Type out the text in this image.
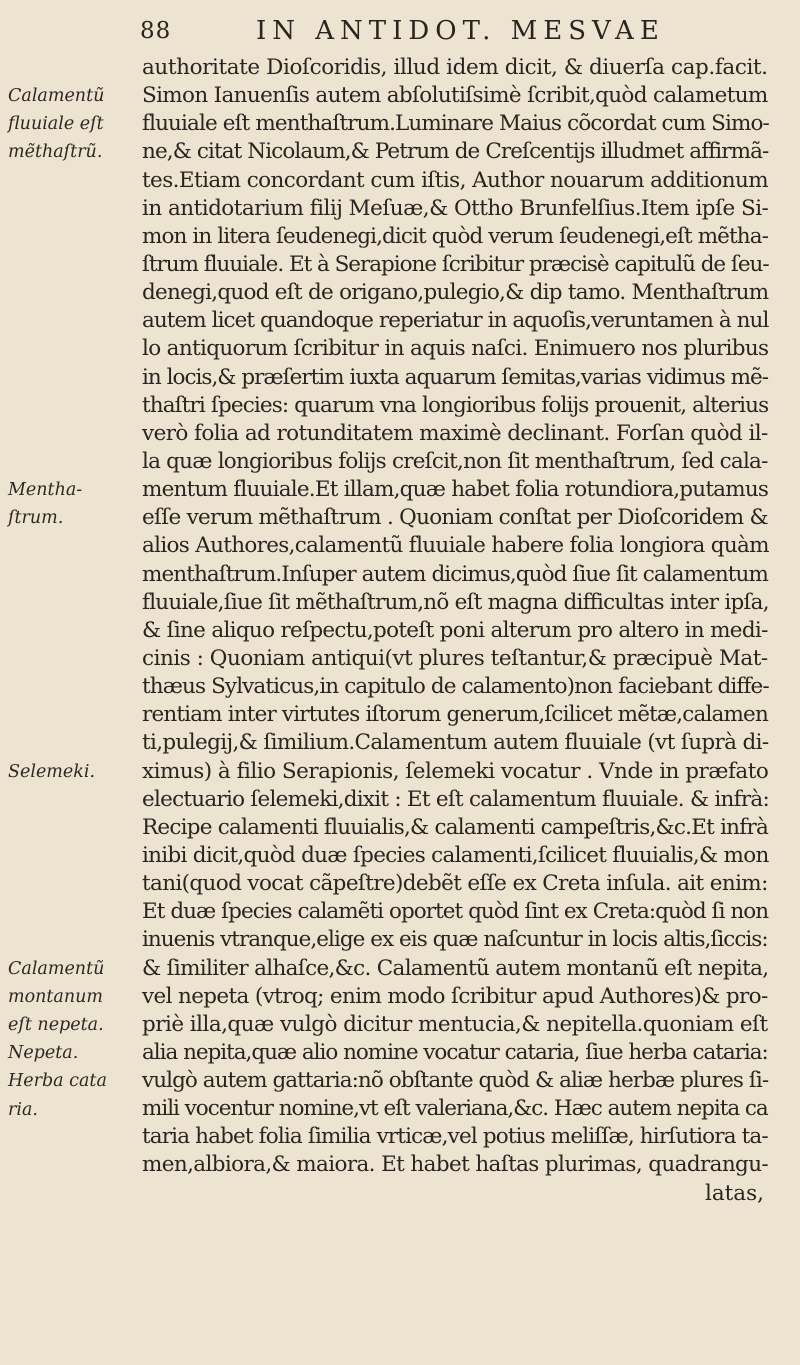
88	IN ANTIDOT. MESVAE
Calamentũ
fluuiale eſt
mẽthaſtrũ.
Mentha-
ſtrum.
Selemeki.
Calamentũ
montanum
eſt nepeta.
Nepeta.
Herba cata
ria.
authoritate Dioſcoridis, illud idem dicit, & diuerſa cap.facit.
Simon Ianuenſis autem abſolutiſsimè ſcribit,quòd calametum
fluuiale eſt menthaſtrum.Luminare Maius cõcordat cum Simo-
ne,& citat Nicolaum,& Petrum de Creſcentijs illudmet affirmã-
tes.Etiam concordant cum iſtis, Author nouarum additionum
in antidotarium filij Meſuæ,& Ottho Brunfelſius.Item ipſe Si-
mon in litera ſeudenegi,dicit quòd verum ſeudenegi,eſt mẽtha-
ſtrum fluuiale. Et à Serapione ſcribitur præcisè capitulũ de ſeu-
denegi,quod eſt de origano,pulegio,& dip tamo. Menthaſtrum
autem licet quandoque reperiatur in aquoſis,veruntamen à nul
lo antiquorum ſcribitur in aquis naſci. Enimuero nos pluribus
in locis,& præſertim iuxta aquarum ſemitas,varias vidimus mẽ-
thaſtri ſpecies: quarum vna longioribus folijs prouenit, alterius
verò folia ad rotunditatem maximè declinant. Forſan quòd il-
la quæ longioribus folijs creſcit,non ſit menthaſtrum, ſed cala-
mentum fluuiale.Et illam,quæ habet folia rotundiora,putamus
eſſe verum mẽthaſtrum . Quoniam conſtat per Dioſcoridem &
alios Authores,calamentũ fluuiale habere folia longiora quàm
menthaſtrum.Inſuper autem dicimus,quòd ſiue ſit calamentum
fluuiale,ſiue ſit mẽthaſtrum,nõ eſt magna difficultas inter ipſa,
& ſine aliquo reſpectu,poteſt poni alterum pro altero in medi-
cinis : Quoniam antiqui(vt plures teſtantur,& præcipuè Mat-
thæus Sylvaticus,in capitulo de calamento)non faciebant diffe-
rentiam inter virtutes iſtorum generum,ſcilicet mẽtæ,calamen
ti,pulegij,& ſimilium.Calamentum autem fluuiale (vt ſuprà di-
ximus) à filio Serapionis, ſelemeki vocatur . Vnde in præfato
electuario ſelemeki,dixit : Et eſt calamentum fluuiale. & infrà:
Recipe calamenti fluuialis,& calamenti campeſtris,&c.Et infrà
inibi dicit,quòd duæ ſpecies calamenti,ſcilicet fluuialis,& mon
tani(quod vocat cãpeſtre)debẽt eſſe ex Creta inſula. ait enim:
Et duæ ſpecies calamẽti oportet quòd ſint ex Creta:quòd ſi non
inuenis vtranque,elige ex eis quæ naſcuntur in locis altis,ſiccis:
& ſimiliter alhaſce,&c. Calamentũ autem montanũ eſt nepita,
vel nepeta (vtroq; enim modo ſcribitur apud Authores)& pro-
priè illa,quæ vulgò dicitur mentucia,& nepitella.quoniam eſt
alia nepita,quæ alio nomine vocatur cataria, ſiue herba cataria:
vulgò autem gattaria:nõ obſtante quòd & aliæ herbæ plures ſi-
mili vocentur nomine,vt eſt valeriana,&c. Hæc autem nepita ca
taria habet folia ſimilia vrticæ,vel potius meliſſæ, hirſutiora ta-
men,albiora,& maiora. Et habet haſtas plurimas, quadrangu-
latas,
